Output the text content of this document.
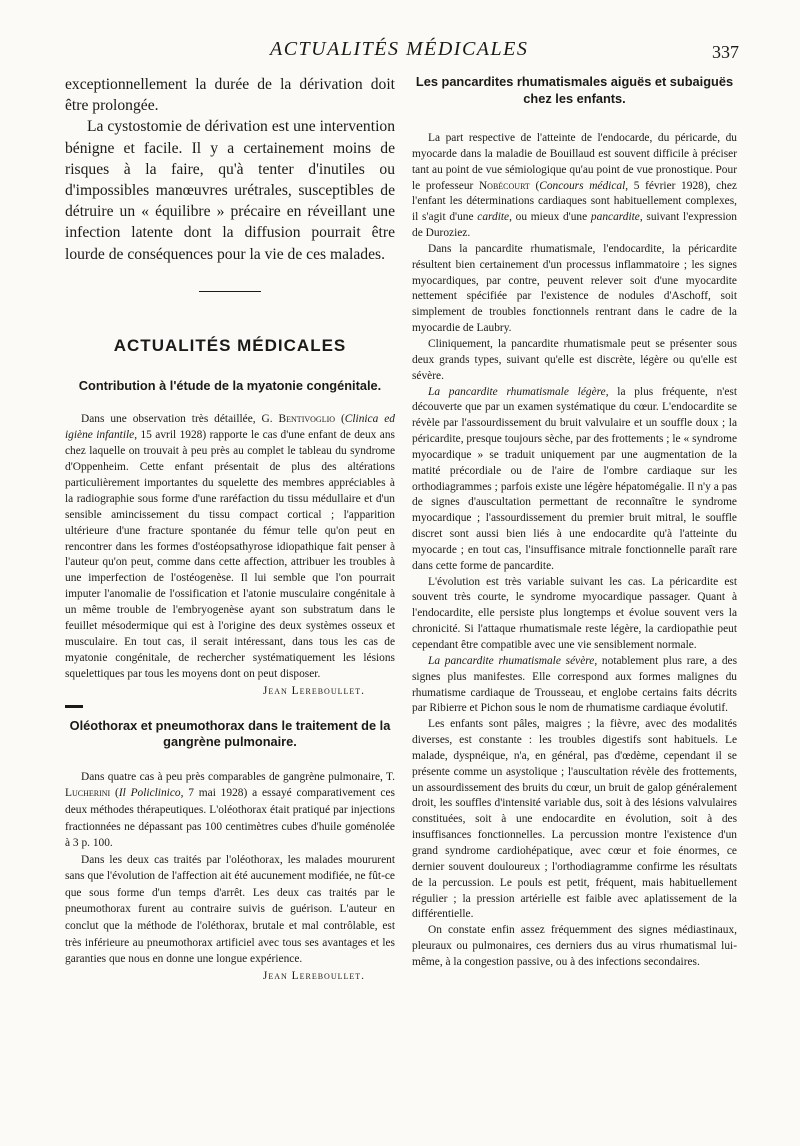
ACTUALITÉS MÉDICALES	337

exceptionnellement la durée de la dérivation doit être prolongée.

La cystostomie de dérivation est une intervention bénigne et facile. Il y a certainement moins de risques à la faire, qu'à tenter d'inutiles ou d'impossibles manœuvres urétrales, susceptibles de détruire un « équilibre » précaire en réveillant une infection latente dont la diffusion pourrait être lourde de conséquences pour la vie de ces malades.

ACTUALITÉS MÉDICALES
Contribution à l'étude de la myatonie congénitale.

Dans une observation très détaillée, G. Bentivoglio (Clinica ed igiène infantile, 15 avril 1928) rapporte le cas d'une enfant de deux ans chez laquelle on trouvait à peu près au complet le tableau du syndrome d'Oppenheim. Cette enfant présentait de plus des altérations particulièrement importantes du squelette des membres appréciables à la radiographie sous forme d'une raréfaction du tissu médullaire et d'un sensible amincissement du tissu compact cortical ; l'apparition ultérieure d'une fracture spontanée du fémur telle qu'on peut en rencontrer dans les formes d'ostéopsathyrose idiopathique fait penser à l'auteur qu'on peut, comme dans cette affection, attribuer les troubles à une imperfection de l'ostéogenèse. Il lui semble que l'on pourrait imputer l'anomalie de l'ossification et l'atonie musculaire congénitale à un même trouble de l'embryogenèse ayant son substratum dans le feuillet mésodermique qui est à l'origine des deux systèmes osseux et musculaire. En tout cas, il serait intéressant, dans tous les cas de myatonie congénitale, de rechercher systématiquement les lésions squelettiques par tous les moyens dont on peut disposer.

Jean Lereboullet.
Oléothorax et pneumothorax dans le traitement de la gangrène pulmonaire.

Dans quatre cas à peu près comparables de gangrène pulmonaire, T. Lucherini (Il Policlinico, 7 mai 1928) a essayé comparativement ces deux méthodes thérapeutiques. L'oléothorax était pratiqué par injections fractionnées ne dépassant pas 100 centimètres cubes d'huile goménolée à 3 p. 100.

Dans les deux cas traités par l'oléothorax, les malades moururent sans que l'évolution de l'affection ait été aucunement modifiée, ne fût-ce que sous forme d'un temps d'arrêt. Les deux cas traités par le pneumothorax furent au contraire suivis de guérison. L'auteur en conclut que la méthode de l'oléthorax, brutale et mal contrôlable, est très inférieure au pneumothorax artificiel avec tous ses avantages et les garanties que nous en donne une longue expérience.

Jean Lereboullet.
Les pancardites rhumatismales aiguës et subaiguës chez les enfants.

La part respective de l'atteinte de l'endocarde, du péricarde, du myocarde dans la maladie de Bouillaud est souvent difficile à préciser tant au point de vue sémiologique qu'au point de vue pronostique. Pour le professeur Nobécourt (Concours médical, 5 février 1928), chez l'enfant les déterminations cardiaques sont habituellement complexes, il s'agit d'une cardite, ou mieux d'une pancardite, suivant l'expression de Duroziez.

Dans la pancardite rhumatismale, l'endocardite, la péricardite résultent bien certainement d'un processus inflammatoire ; les signes myocardiques, par contre, peuvent relever soit d'une myocardite nettement spécifiée par l'existence de nodules d'Aschoff, soit simplement de troubles fonctionnels rentrant dans le cadre de la myocardie de Laubry.

Cliniquement, la pancardite rhumatismale peut se présenter sous deux grands types, suivant qu'elle est discrète, légère ou qu'elle est sévère.

La pancardite rhumatismale légère, la plus fréquente, n'est découverte que par un examen systématique du cœur. L'endocardite se révèle par l'assourdissement du bruit valvulaire et un souffle doux ; la péricardite, presque toujours sèche, par des frottements ; le « syndrome myocardique » se traduit uniquement par une augmentation de la matité précordiale ou de l'aire de l'ombre cardiaque sur les orthodiagrammes ; parfois existe une légère hépatomégalie. Il n'y a pas de signes d'auscultation permettant de reconnaître le syndrome myocardique ; l'assourdissement du premier bruit mitral, le souffle discret sont aussi bien liés à une endocardite qu'à l'atteinte du myocarde ; en tout cas, l'insuffisance mitrale fonctionnelle paraît rare dans cette forme de pancardite.

L'évolution est très variable suivant les cas. La péricardite est souvent très courte, le syndrome myocardique passager. Quant à l'endocardite, elle persiste plus longtemps et évolue souvent vers la chronicité. Si l'attaque rhumatismale reste légère, la cardiopathie peut cependant être compatible avec une vie sensiblement normale.

La pancardite rhumatismale sévère, notablement plus rare, a des signes plus manifestes. Elle correspond aux formes malignes du rhumatisme cardiaque de Trousseau, et englobe certains faits décrits par Ribierre et Pichon sous le nom de rhumatisme cardiaque évolutif.

Les enfants sont pâles, maigres ; la fièvre, avec des modalités diverses, est constante : les troubles digestifs sont habituels. Le malade, dyspnéique, n'a, en général, pas d'œdème, cependant il se présente comme un asystolique ; l'auscultation révèle des frottements, un assourdissement des bruits du cœur, un bruit de galop généralement droit, les souffles d'intensité variable dus, soit à des lésions valvulaires constituées, soit à une endocardite en évolution, soit à des insuffisances fonctionnelles. La percussion montre l'existence d'un grand syndrome cardiohépatique, avec cœur et foie énormes, ce dernier souvent douloureux ; l'orthodiagramme confirme les résultats de la percussion. Le pouls est petit, fréquent, mais habituellement régulier ; la pression artérielle est faible avec aplatissement de la différentielle.

On constate enfin assez fréquemment des signes médiastinaux, pleuraux ou pulmonaires, ces derniers dus au virus rhumatismal lui-même, à la congestion passive, ou à des infections secondaires.
